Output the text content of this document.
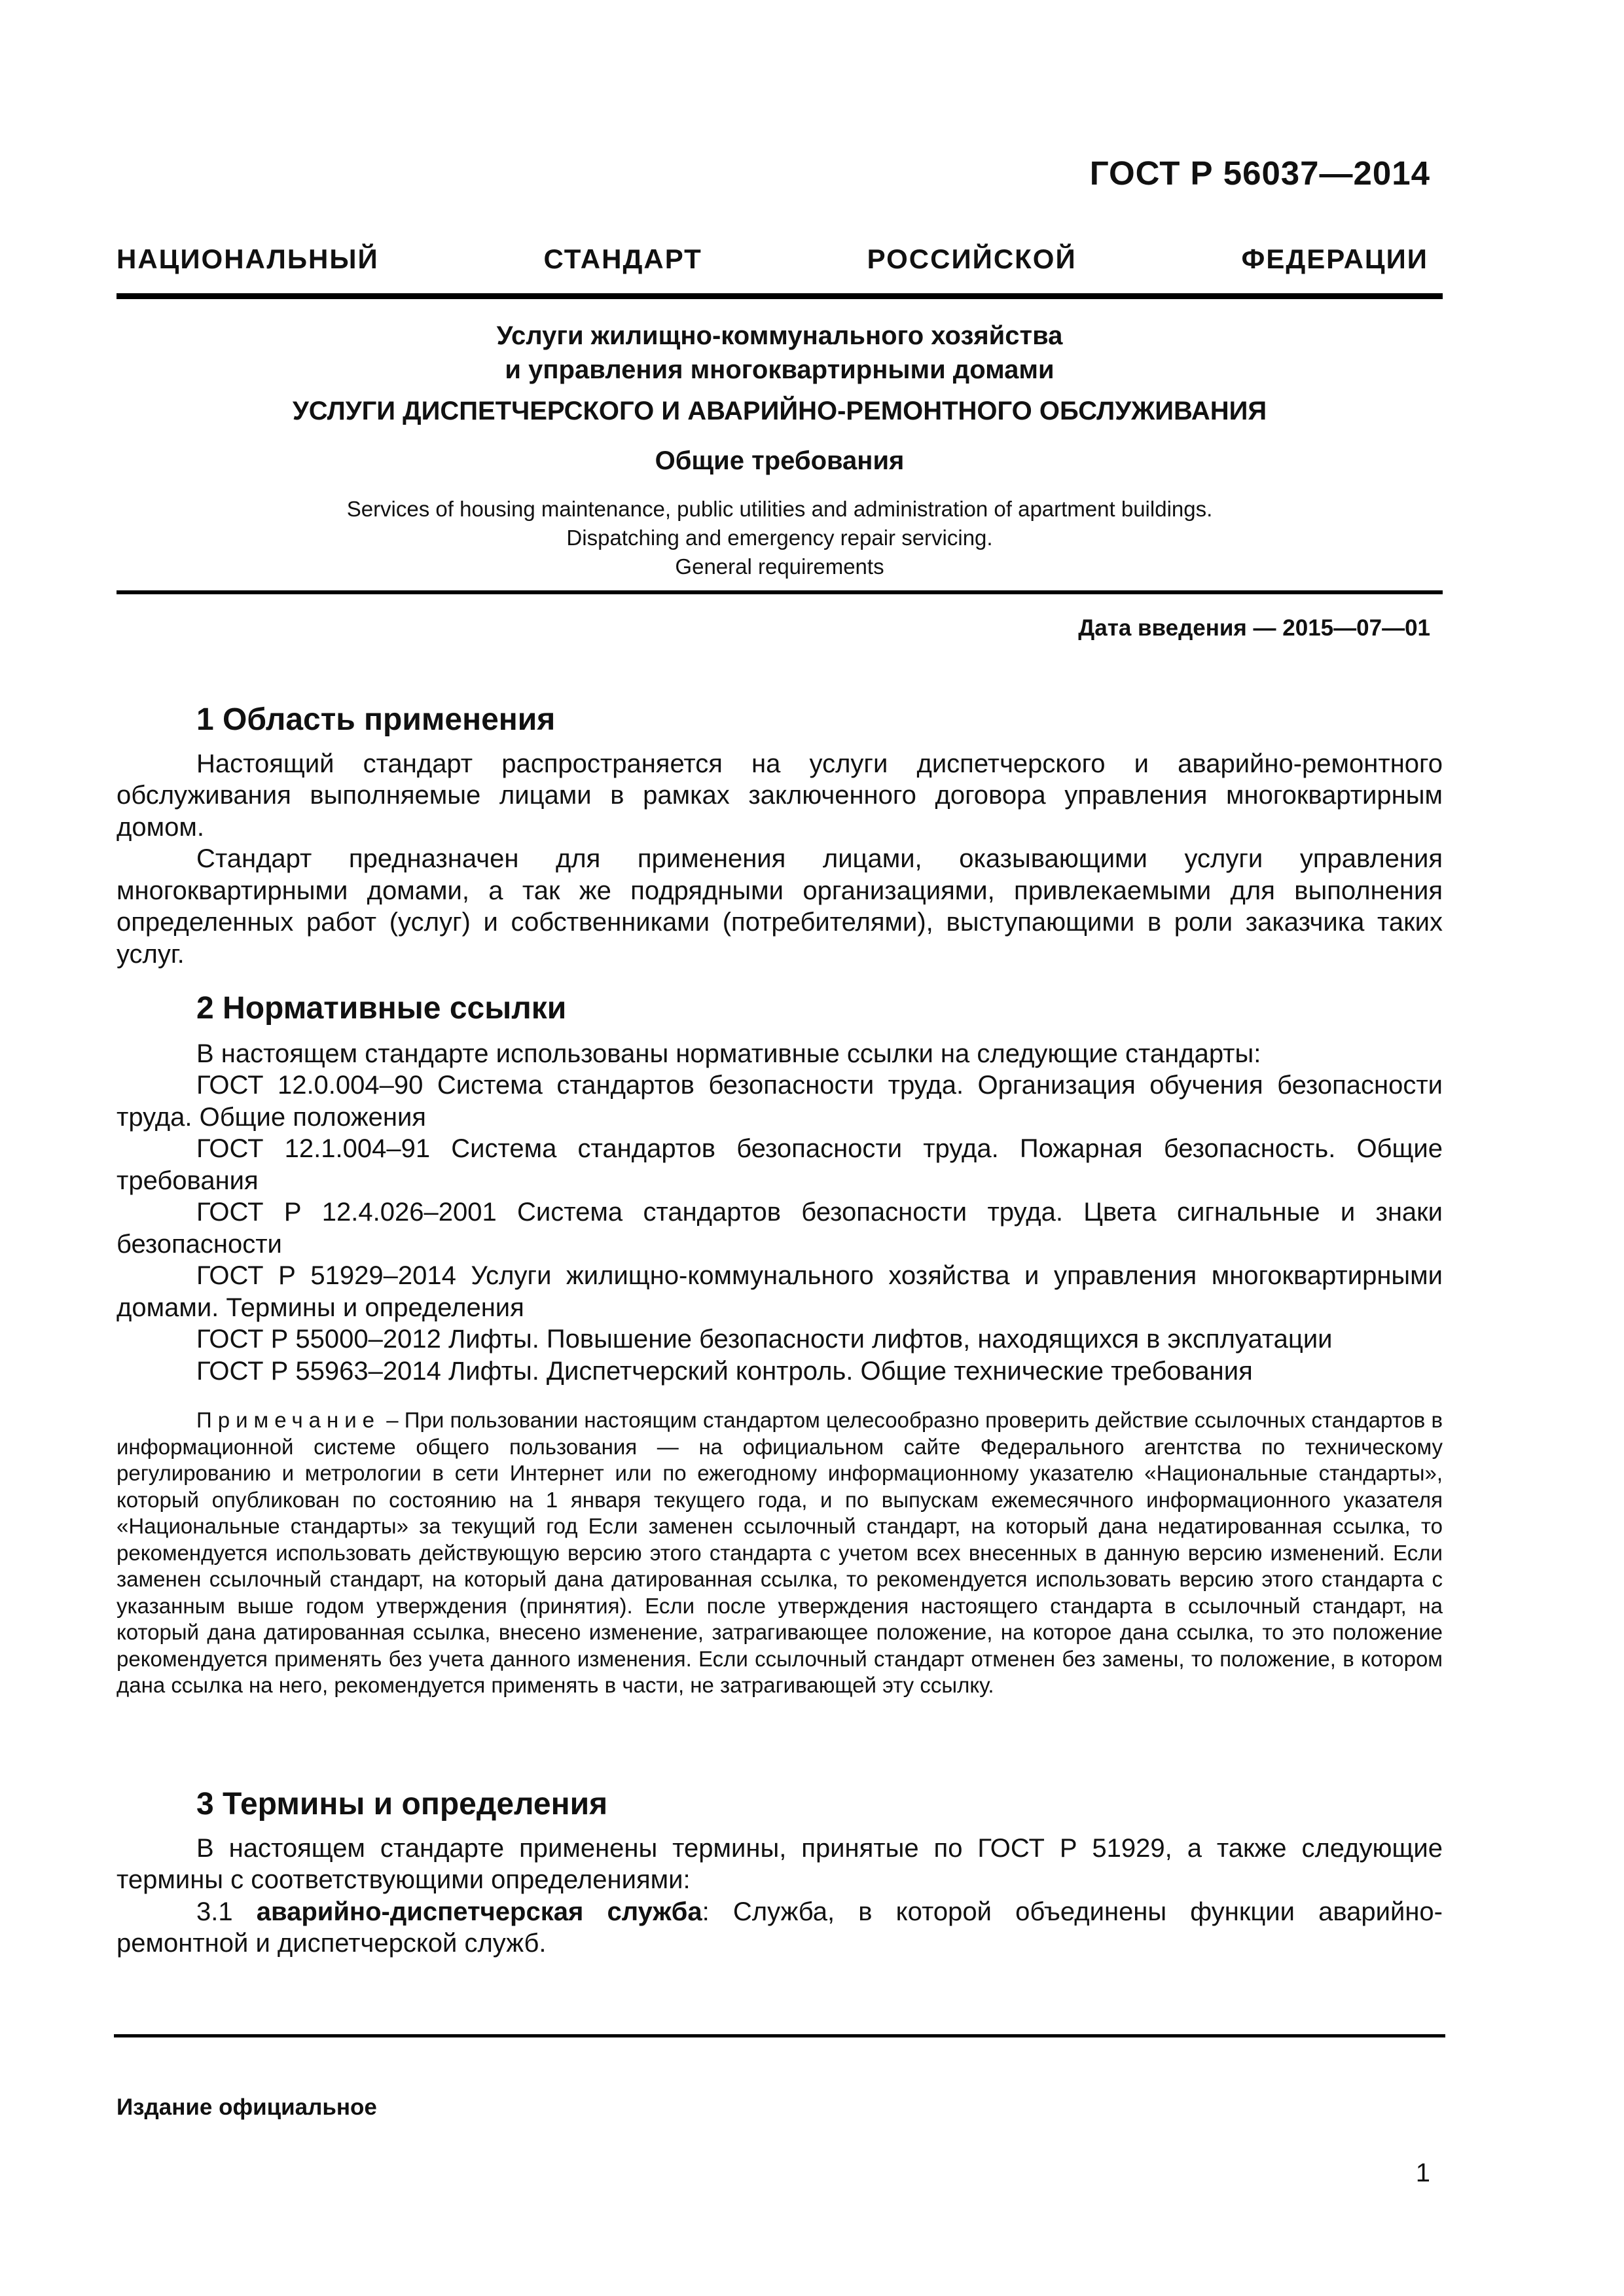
ГОСТ Р 56037—2014
НАЦИОНАЛЬНЫЙ СТАНДАРТ РОССИЙСКОЙ ФЕДЕРАЦИИ
Услуги жилищно-коммунального хозяйства
и управления многоквартирными домами
УСЛУГИ ДИСПЕТЧЕРСКОГО И АВАРИЙНО-РЕМОНТНОГО ОБСЛУЖИВАНИЯ
Общие требования
Services of housing maintenance, public utilities and administration of apartment buildings.
Dispatching and emergency repair servicing.
General requirements
Дата введения — 2015—07—01
1 Область применения

Настоящий стандарт распространяется на услуги диспетчерского и аварийно-ремонтного обслуживания выполняемые лицами в рамках заключенного договора управления многоквартирным домом.

Стандарт предназначен для применения лицами, оказывающими услуги управления многоквартирными домами, а так же подрядными организациями, привлекаемыми для выполнения определенных работ (услуг) и собственниками (потребителями), выступающими в роли заказчика таких услуг.

2 Нормативные ссылки

В настоящем стандарте использованы нормативные ссылки на следующие стандарты:

ГОСТ 12.0.004–90 Система стандартов безопасности труда. Организация обучения безопасности труда. Общие положения

ГОСТ 12.1.004–91 Система стандартов безопасности труда. Пожарная безопасность. Общие требования

ГОСТ Р 12.4.026–2001 Система стандартов безопасности труда. Цвета сигнальные и знаки безопасности

ГОСТ Р 51929–2014 Услуги жилищно-коммунального хозяйства и управления многоквартирными домами. Термины и определения

ГОСТ Р 55000–2012 Лифты. Повышение безопасности лифтов, находящихся в эксплуатации

ГОСТ Р 55963–2014 Лифты. Диспетчерский контроль. Общие технические требования

Примечание – При пользовании настоящим стандартом целесообразно проверить действие ссылочных стандартов в информационной системе общего пользования — на официальном сайте Федерального агентства по техническому регулированию и метрологии в сети Интернет или по ежегодному информационному указателю «Национальные стандарты», который опубликован по состоянию на 1 января текущего года, и по выпускам ежемесячного информационного указателя «Национальные стандарты» за текущий год Если заменен ссылочный стандарт, на который дана недатированная ссылка, то рекомендуется использовать действующую версию этого стандарта с учетом всех внесенных в данную версию изменений. Если заменен ссылочный стандарт, на который дана датированная ссылка, то рекомендуется использовать версию этого стандарта с указанным выше годом утверждения (принятия). Если после утверждения настоящего стандарта в ссылочный стандарт, на который дана датированная ссылка, внесено изменение, затрагивающее положение, на которое дана ссылка, то это положение рекомендуется применять без учета данного изменения. Если ссылочный стандарт отменен без замены, то положение, в котором дана ссылка на него, рекомендуется применять в части, не затрагивающей эту ссылку.

3 Термины и определения

В настоящем стандарте применены термины, принятые по ГОСТ Р 51929, а также следующие термины с соответствующими определениями:

3.1 аварийно-диспетчерская служба: Служба, в которой объединены функции аварийно-ремонтной и диспетчерской служб.

Издание официальное
1
